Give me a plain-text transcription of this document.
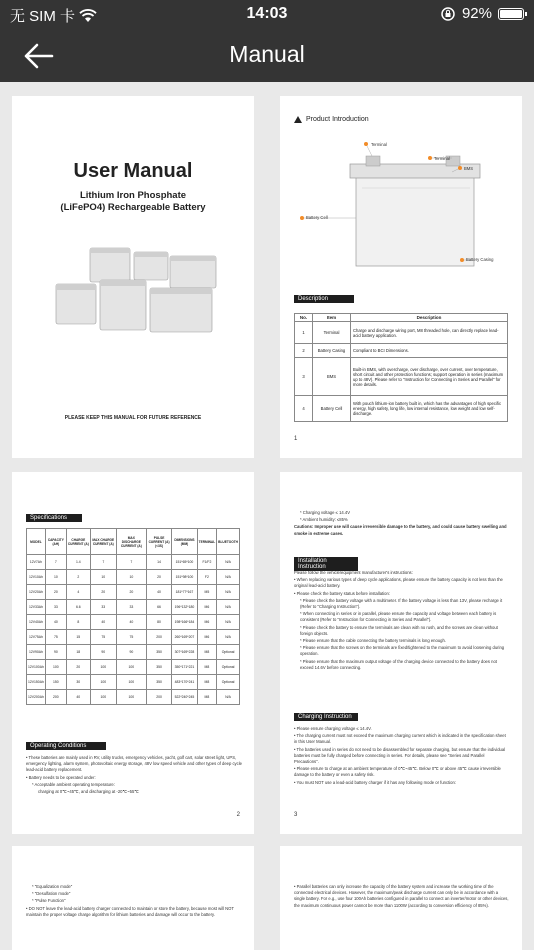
无 SIM 卡	14:03	92%
Manual
User Manual
Lithium Iron Phosphate
(LiFePO4) Rechargeable Battery
PLEASE KEEP THIS MANUAL FOR FUTURE REFERENCE
Product Introduction
Terminal
Terminal
BMS
Battery Cell
Battery Casing
Description
No.	Item	Description
1	Terminal	Charge and discharge wiring port, M8 threaded hole, can directly replace lead-acid battery application.
2	Battery Casing	Compliant to BCI Dimensions.
3	BMS	Built-in BMS, with overcharge, over discharge, over current, over temperature, short circuit and other protection functions; support operation in series (maximum up to 48V). Please refer to "Instruction for Connecting in Series and Parallel" for more details.
4	Battery Cell	With pouch lithium-ion battery built in, which has the advantages of high specific energy, high safety, long life, low internal resistance, low weight and low self-discharge.
1
Specifications
MODEL	CAPACITY (AH)	CHARGE CURRENT (A)	MAX CHARGE CURRENT (A)	MAX DISCHARGE CURRENT (A)	PULSE CURRENT (A) (<3S)	DIMENSIONS (MM)	TERMINAL	BLUETOOTH
12V7Ah	7	1.4	7	7	14	151*65*100	F1/F2	N/A
12V10Ah	10	2	10	10	20	151*98*100	F2	N/A
12V20Ah	20	4	20	20	40	181*77*167	M5	N/A
12V33Ah	33	6.6	33	33	66	196*132*180	M6	N/A
12V40Ah	40	8	40	40	80	198*166*184	M6	N/A
12V75Ah	75	15	75	75	200	260*169*207	M6	N/A
12V90Ah	90	18	90	90	350	307*169*228	M8	Optional
12V100Ah	100	20	100	100	350	350*171*221	M8	Optional
12V150Ah	150	30	100	100	350	483*170*241	M8	Optional
12V200Ah	200	40	100	100	200	522*240*245	M8	N/A
Operating Conditions

• These batteries are mainly used in RV, utility trucks, emergency vehicles, yacht, golf cart, solar street light, UPS, emergency lighting, alarm system, photovoltaic energy storage, 48V low speed vehicle and other types of deep cycle lead-acid battery replacement.

• Battery needs to be operated under:

* Acceptable ambient operating temperature:

charging at 0℃~45℃, and discharging at -20℃~55℃

2

* Charging voltage ≤ 14.4V

* Ambient humidity: ≤85%

Cautions: Improper use will cause irreversible damage to the battery, and could cause battery swelling and smoke in extreme cases.

Installation Instruction

Please follow the vehicle/equipment manufacturer's instructions:

• When replacing various types of deep cycle applications, please ensure the battery capacity is not less than the original lead-acid battery.

• Please check the battery status before installation:

* Please check the battery voltage with a multimeter. If the battery voltage is less than 13V, please recharge it (Refer to "Charging Instruction").

* When connecting in series or in parallel, please ensure the capacity and voltage between each battery is consistent (Refer to "Instruction for Connecting in Series and Parallel").

* Please check the battery to ensure the terminals are clean with no rush, and the screws are clean without foreign objects.

* Please ensure that the cable connecting the battery terminals is long enough.

* Please ensure that the screws on the terminals are fixed/tightened to the maximum to avoid loosening during operation.

* Please ensure that the maximum output voltage of the charging device connected to the battery does not exceed 14.6V before connecting.

Charging Instruction

• Please ensure charging voltage ≤ 14.4V.

• The charging current must not exceed the maximum charging current which is indicated in the specification sheet in this User Manual.

• The batteries used in series do not need to be disassembled for separate charging, but ensure that the individual batteries must be fully charged before connecting in series. For details, please see "Series and Parallel Precautions".

• Please ensure to charge at an ambient temperature of 0℃~45℃. Below 0℃ or above 45℃ cause irreversible damage to the battery or even a safety risk.

• You must NOT use a lead-acid battery charger if it has any following mode or function:

3

* "Equalization mode"

* "Desulfation mode"

* "Pulse Function"

• DO NOT leave the lead-acid battery charger connected to maintain or store the battery, because most will NOT maintain the proper voltage charge algorithm for lithium batteries and damage will occur to the battery.

• Parallel batteries can only increase the capacity of the battery system and increase the working time of the connected electrical devices. However, the maximum/peak discharge current can only be in accordance with a single battery. For e.g., use four 100Ah batteries configured in parallel to connect an inverter/motor or other devices, the maximum continuous power cannot be more than 1100W (according to conversion efficiency of 85%).
